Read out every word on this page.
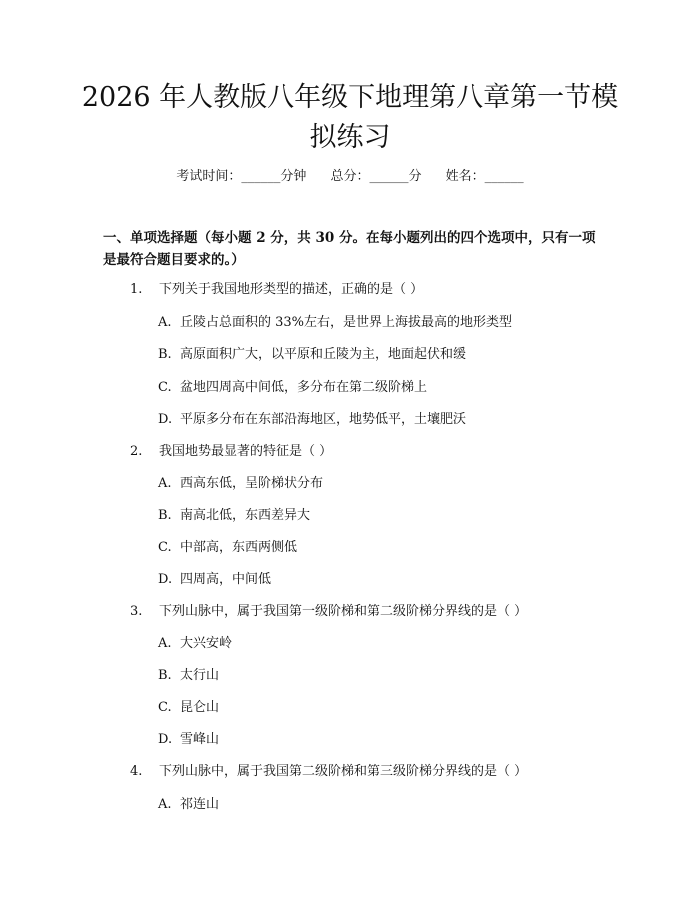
2026 年人教版八年级下地理第八章第一节模
拟练习
考试时间：______分钟 总分：______分 姓名：______

一、单项选择题（每小题 2 分，共 30 分。在每小题列出的四个选项中，只有一项是最符合题目要求的。）

1. 下列关于我国地形类型的描述，正确的是（ ）
A. 丘陵占总面积的 33%左右，是世界上海拔最高的地形类型
B. 高原面积广大，以平原和丘陵为主，地面起伏和缓
C. 盆地四周高中间低，多分布在第二级阶梯上
D. 平原多分布在东部沿海地区，地势低平，土壤肥沃
2. 我国地势最显著的特征是（ ）
A. 西高东低，呈阶梯状分布
B. 南高北低，东西差异大
C. 中部高，东西两侧低
D. 四周高，中间低
3. 下列山脉中，属于我国第一级阶梯和第二级阶梯分界线的是（ ）
A. 大兴安岭
B. 太行山
C. 昆仑山
D. 雪峰山
4. 下列山脉中，属于我国第二级阶梯和第三级阶梯分界线的是（ ）
A. 祁连山
